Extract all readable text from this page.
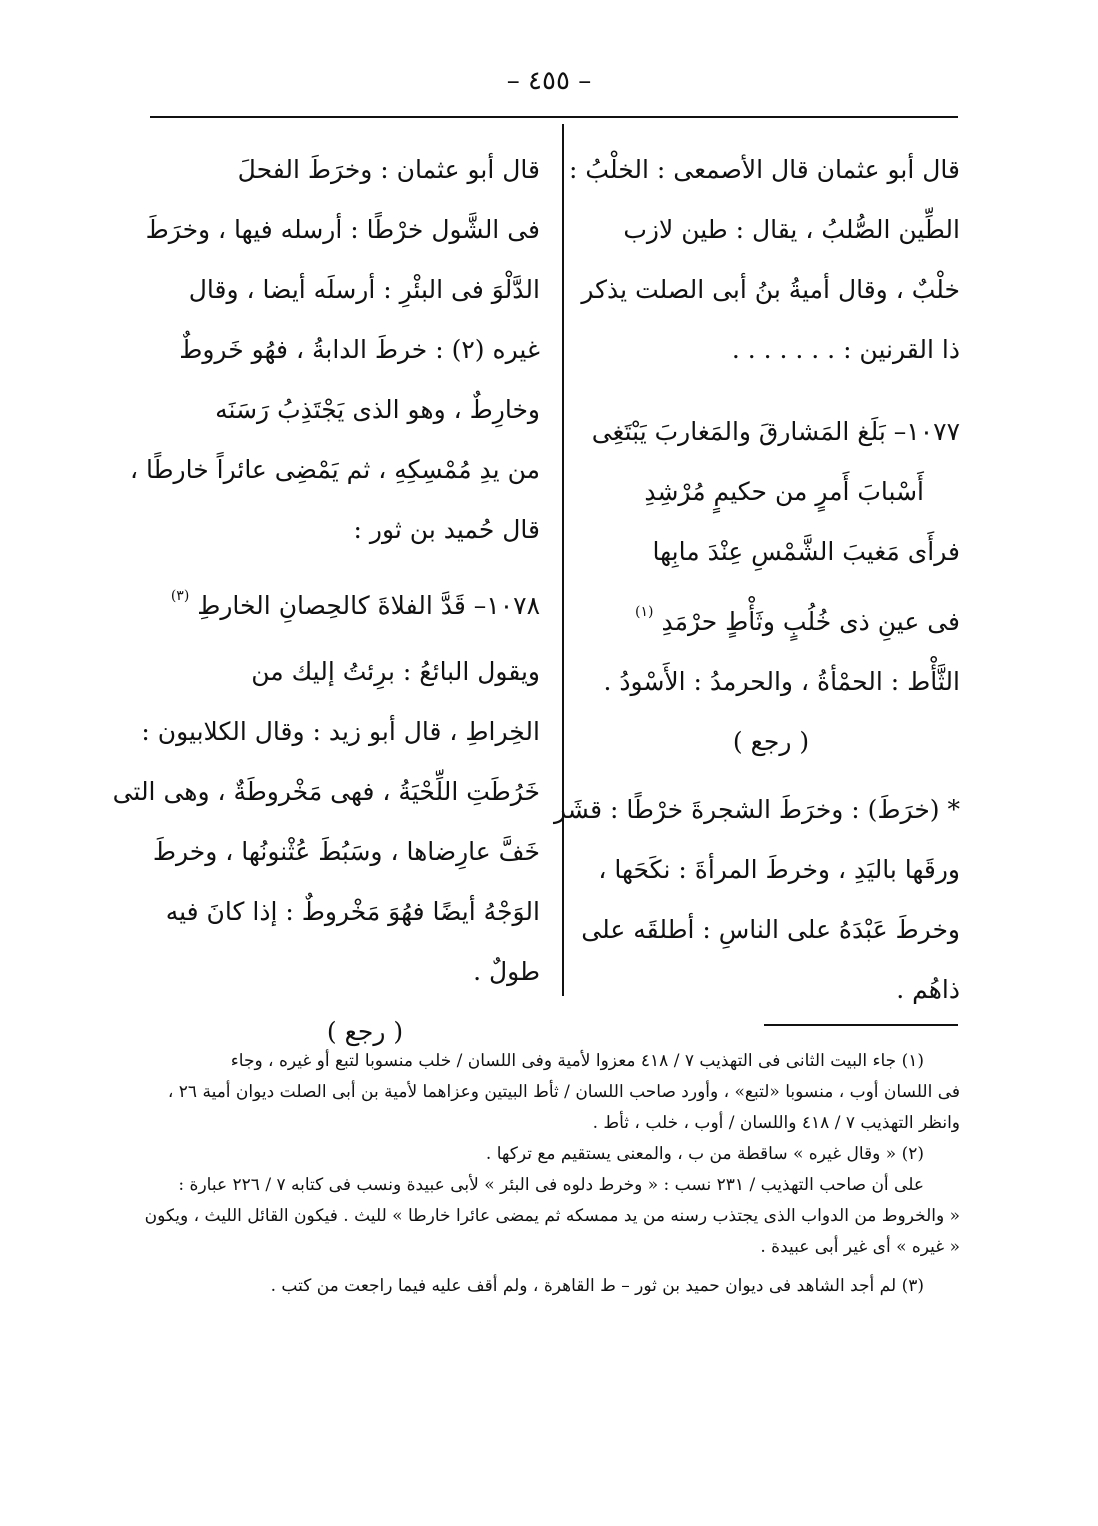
– ٤٥٥ –

قال أبو عثمان قال الأصمعى : الخلْبُ :

الطِّين الصُّلبُ ، يقال : طين لازب

خلْبٌ ، وقال أميةُ بنُ أبى الصلت يذكر

ذا القرنين : . . . . . . .

١٠٧٧– بَلَغ المَشارقَ والمَغاربَ يَبْتَغِى

أَسْبابَ أَمرٍ من حكيمٍ مُرْشِدِ

فرأَى مَغيبَ الشَّمْسِ عِنْدَ مابِها

فى عينِ ذى خُلُبٍ وثَأْطٍ حرْمَدِ $^{(١)}$

الثَّأْط : الحمْأةُ ، والحرمدُ : الأَسْودُ .

( رجع )

* (خرَطَ) : وخرَطَ الشجرةَ خرْطًا : قشَر

ورقَها باليَدِ ، وخرطَ المرأةَ : نكَحَها ،

وخرطَ عَبْدَهُ على الناسِ : أطلقَه على

ذاهُم .

قال أبو عثمان : وخرَطَ الفحلَ

فى الشَّول خرْطًا : أرسله فيها ، وخرَطَ

الدَّلْوَ فى البئْرِ : أرسلَه أيضا ، وقال

غيره (٢) : خرطَ الدابةُ ، فهُو خَروطٌ

وخارِطٌ ، وهو الذى يَجْتَذِبُ رَسَنَه

من يدِ مُمْسِكِهِ ، ثم يَمْضِى عائراً خارطًا ،

قال حُميد بن ثور :

١٠٧٨– قَدَّ الفلاةَ كالحِصانِ الخارطِ $^{(٣)}$

ويقول البائعُ : برِئتُ إليك من

الخِراطِ ، قال أبو زيد : وقال الكلابيون :

خَرُطَتِ اللِّحْيَةُ ، فهى مَخْروطَةٌ ، وهى التى

خَفَّ عارِضاها ، وسَبُطَ عُثْنونُها ، وخرطَ

الوَجْهُ أيضًا فهُوَ مَخْروطٌ : إذا كانَ فيه

طولٌ .

( رجع )

(١) جاء البيت الثانى فى التهذيب ٧ / ٤١٨ معزوا لأمية وفى اللسان / خلب منسوبا لتبع أو غيره ، وجاء

فى اللسان أوب ، منسوبا «لتبع» ، وأورد صاحب اللسان / ثأط البيتين وعزاهما لأمية بن أبى الصلت ديوان أمية ٢٦ ،

وانظر التهذيب ٧ / ٤١٨ واللسان / أوب ، خلب ، ثأط .

(٢) « وقال غيره » ساقطة من ب ، والمعنى يستقيم مع تركها .

على أن صاحب التهذيب / ٢٣١ نسب : « وخرط دلوه فى البئر » لأبى عبيدة ونسب فى كتابه ٧ / ٢٢٦ عبارة :

« والخروط من الدواب الذى يجتذب رسنه من يد ممسكه ثم يمضى عائرا خارطا » لليث . فيكون القائل الليث ، ويكون

« غيره » أى غير أبى عبيدة .

(٣) لم أجد الشاهد فى ديوان حميد بن ثور – ط القاهرة ، ولم أقف عليه فيما راجعت من كتب .
